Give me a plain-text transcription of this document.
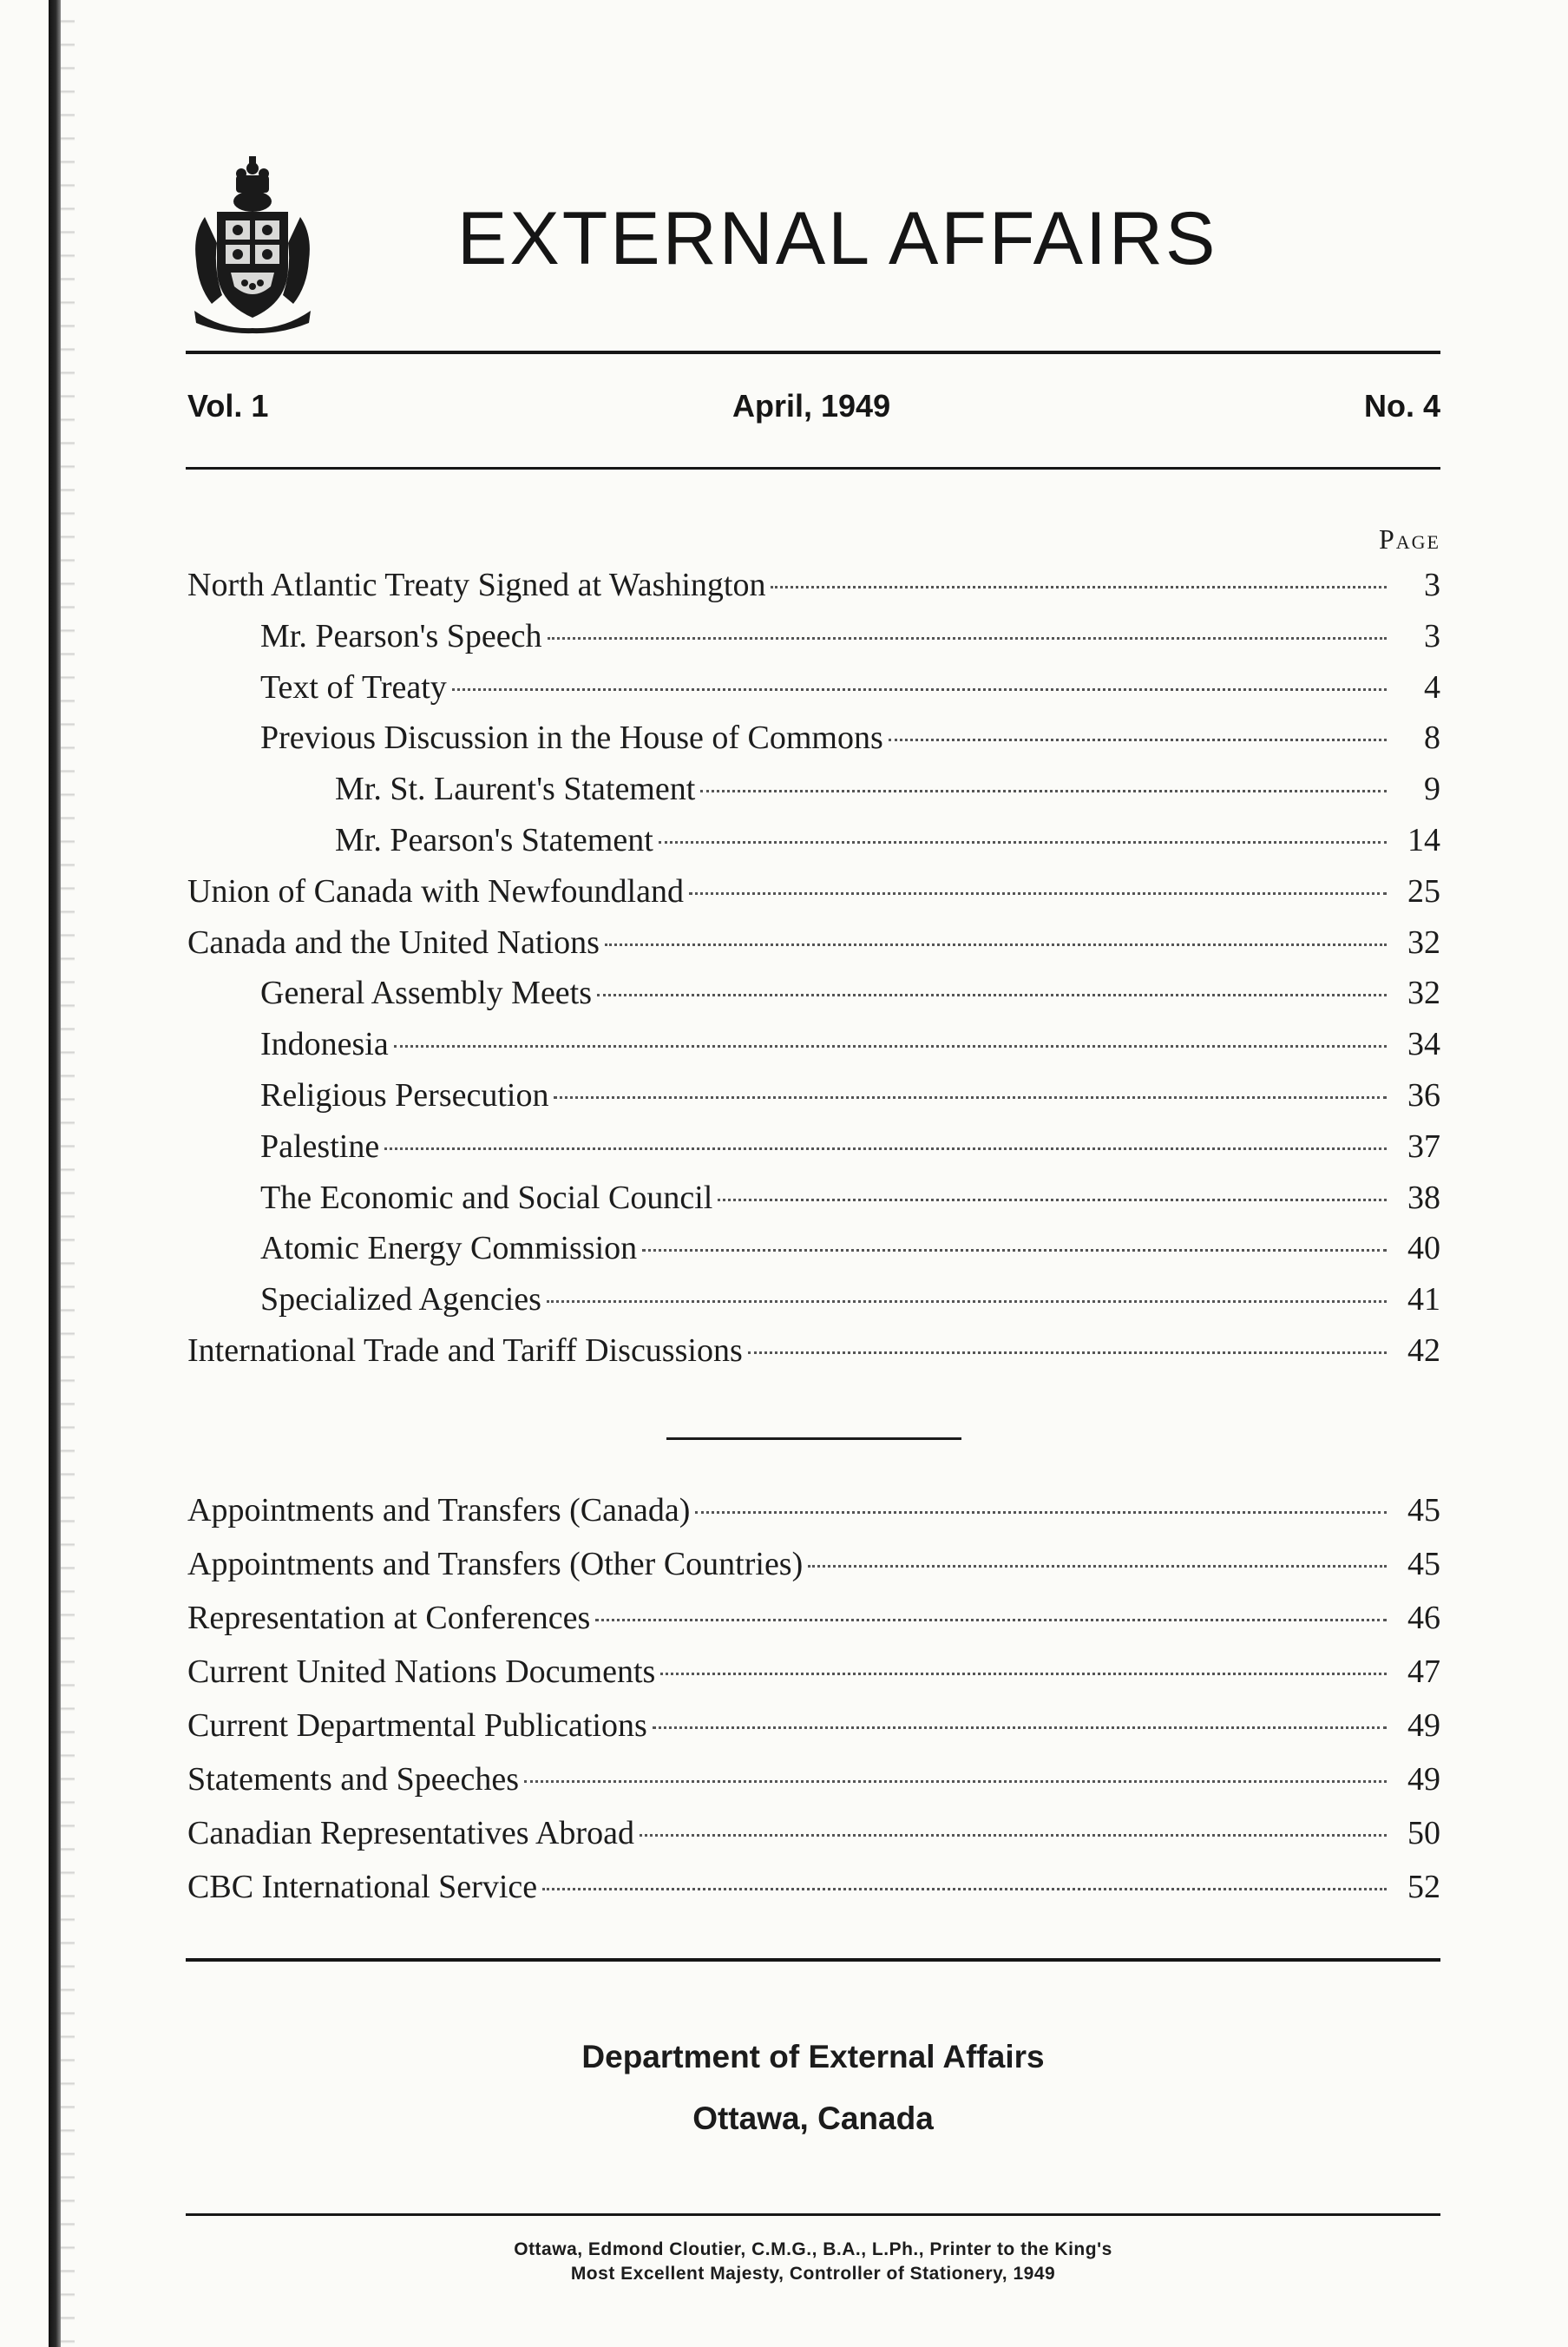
EXTERNAL AFFAIRS
Vol. 1	April, 1949	No. 4
Page
North Atlantic Treaty Signed at Washington	3
Mr. Pearson's Speech	3
Text of Treaty	4
Previous Discussion in the House of Commons	8
Mr. St. Laurent's Statement	9
Mr. Pearson's Statement	14
Union of Canada with Newfoundland	25
Canada and the United Nations	32
General Assembly Meets	32
Indonesia	34
Religious Persecution	36
Palestine	37
The Economic and Social Council	38
Atomic Energy Commission	40
Specialized Agencies	41
International Trade and Tariff Discussions	42
Appointments and Transfers (Canada)	45
Appointments and Transfers (Other Countries)	45
Representation at Conferences	46
Current United Nations Documents	47
Current Departmental Publications	49
Statements and Speeches	49
Canadian Representatives Abroad	50
CBC International Service	52
Department of External Affairs
Ottawa, Canada
Ottawa, Edmond Cloutier, C.M.G., B.A., L.Ph., Printer to the King's
Most Excellent Majesty, Controller of Stationery, 1949
